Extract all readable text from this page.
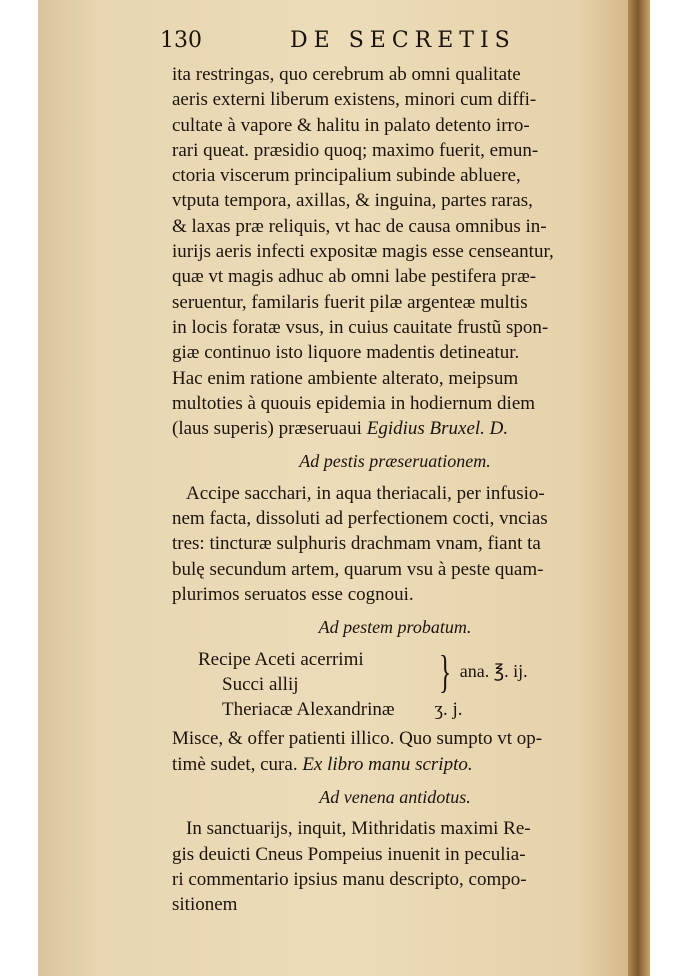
130	DE SECRETIS
ita restringas, quo cerebrum ab omni qualitate
aeris externi liberum existens, minori cum diffi-
cultate à vapore & halitu in palato detento irro-
rari queat. præsidio quoq; maximo fuerit, emun-
ctoria viscerum principalium subinde abluere,
vtputa tempora, axillas, & inguina, partes raras,
& laxas præ reliquis, vt hac de causa omnibus in-
iurijs aeris infecti expositæ magis esse censeantur,
quæ vt magis adhuc ab omni labe pestifera præ-
seruentur, familaris fuerit pilæ argenteæ multis
in locis foratæ vsus, in cuius cauitate frustũ spon-
giæ continuo isto liquore madentis detineatur.
Hac enim ratione ambiente alterato, meipsum
multoties à quouis epidemia in hodiernum diem
(laus superis) præseruaui Egidius Bruxel. D.
Ad pestis præseruationem.
Accipe sacchari, in aqua theriacali, per infusio-
nem facta, dissoluti ad perfectionem cocti, vncias
tres: tincturæ sulphuris drachmam vnam, fiant ta
bulę secundum artem, quarum vsu à peste quam-
plurimos seruatos esse cognoui.
Ad pestem probatum.
Recipe Aceti acerrimi
Succi allij	} ana. ℥. ij.
Theriacæ Alexandrinæ ʒ. j.
Misce, & offer patienti illico. Quo sumpto vt op-
timè sudet, cura. Ex libro manu scripto.
Ad venena antidotus.
In sanctuarijs, inquit, Mithridatis maximi Re-
gis deuicti Cneus Pompeius inuenit in peculia-
ri commentario ipsius manu descripto, compo-
sitionem
